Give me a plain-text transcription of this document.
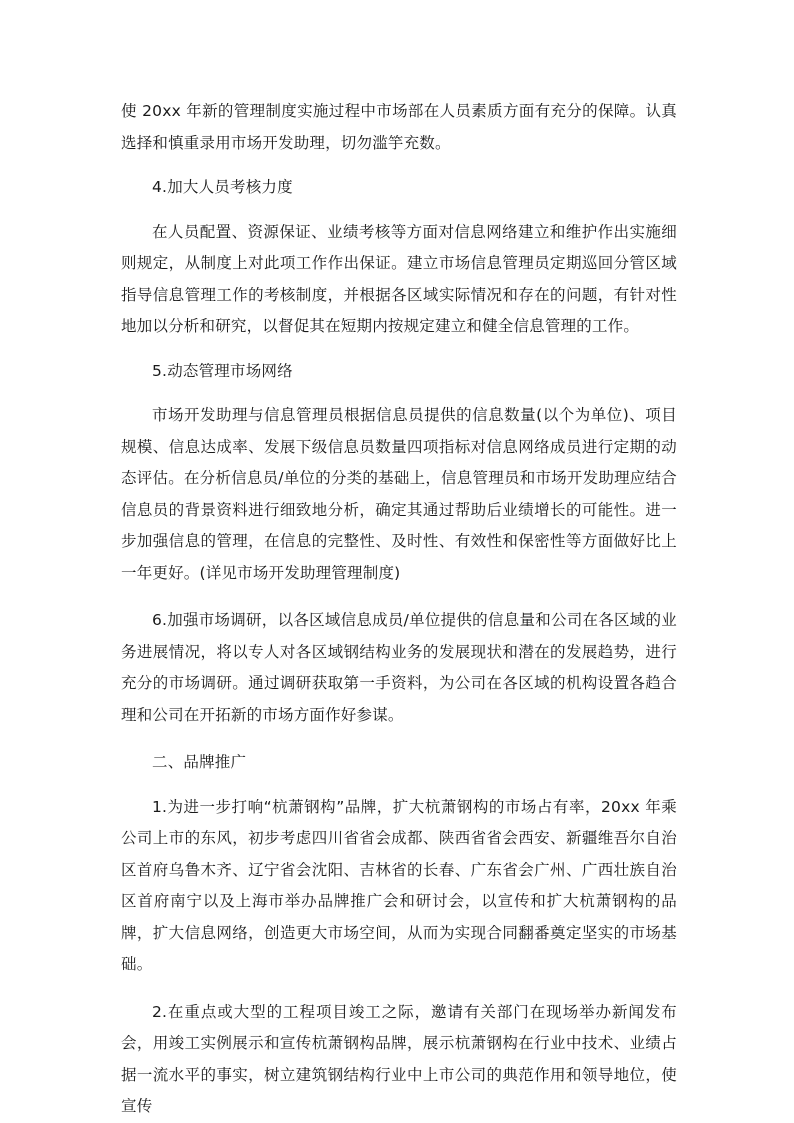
使 20xx 年新的管理制度实施过程中市场部在人员素质方面有充分的保障。认真选择和慎重录用市场开发助理，切勿滥竽充数。

4.加大人员考核力度

在人员配置、资源保证、业绩考核等方面对信息网络建立和维护作出实施细则规定，从制度上对此项工作作出保证。建立市场信息管理员定期巡回分管区域指导信息管理工作的考核制度，并根据各区域实际情况和存在的问题，有针对性地加以分析和研究，以督促其在短期内按规定建立和健全信息管理的工作。

5.动态管理市场网络

市场开发助理与信息管理员根据信息员提供的信息数量(以个为单位)、项目规模、信息达成率、发展下级信息员数量四项指标对信息网络成员进行定期的动态评估。在分析信息员/单位的分类的基础上，信息管理员和市场开发助理应结合信息员的背景资料进行细致地分析，确定其通过帮助后业绩增长的可能性。进一步加强信息的管理，在信息的完整性、及时性、有效性和保密性等方面做好比上一年更好。(详见市场开发助理管理制度)

6.加强市场调研，以各区域信息成员/单位提供的信息量和公司在各区域的业务进展情况，将以专人对各区域钢结构业务的发展现状和潜在的发展趋势，进行充分的市场调研。通过调研获取第一手资料，为公司在各区域的机构设置各趋合理和公司在开拓新的市场方面作好参谋。

二、品牌推广

1.为进一步打响“杭萧钢构”品牌，扩大杭萧钢构的市场占有率，20xx 年乘公司上市的东风，初步考虑四川省省会成都、陕西省省会西安、新疆维吾尔自治区首府乌鲁木齐、辽宁省会沈阳、吉林省的长春、广东省会广州、广西壮族自治区首府南宁以及上海市举办品牌推广会和研讨会，以宣传和扩大杭萧钢构的品牌，扩大信息网络，创造更大市场空间，从而为实现合同翻番奠定坚实的市场基础。

2.在重点或大型的工程项目竣工之际，邀请有关部门在现场举办新闻发布会，用竣工实例展示和宣传杭萧钢构品牌，展示杭萧钢构在行业中技术、业绩占据一流水平的事实，树立建筑钢结构行业中上市公司的典范作用和领导地位，使宣传
